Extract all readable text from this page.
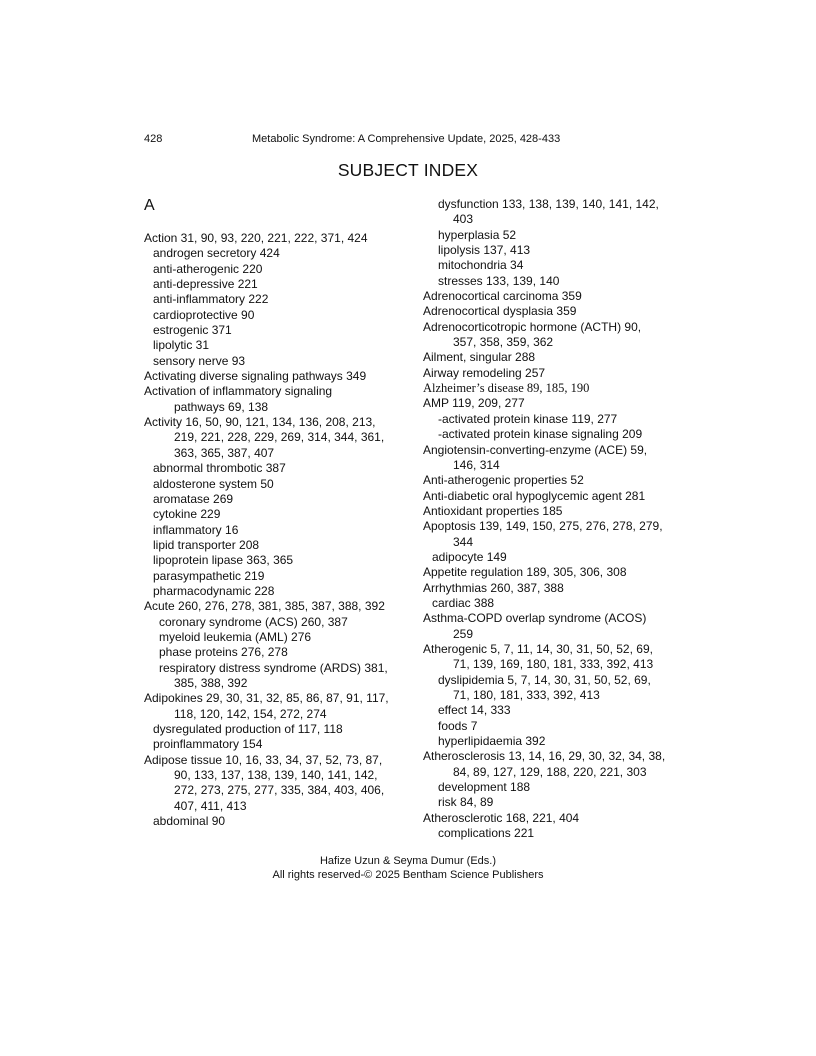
428	Metabolic Syndrome: A Comprehensive Update, 2025, 428-433
SUBJECT INDEX
A
Action 31, 90, 93, 220, 221, 222, 371, 424
androgen secretory 424
anti-atherogenic 220
anti-depressive 221
anti-inflammatory 222
cardioprotective 90
estrogenic 371
lipolytic 31
sensory nerve 93
Activating diverse signaling pathways 349
Activation of inflammatory signaling
pathways 69, 138
Activity 16, 50, 90, 121, 134, 136, 208, 213,
219, 221, 228, 229, 269, 314, 344, 361,
363, 365, 387, 407
abnormal thrombotic 387
aldosterone system 50
aromatase 269
cytokine 229
inflammatory 16
lipid transporter 208
lipoprotein lipase 363, 365
parasympathetic 219
pharmacodynamic 228
Acute 260, 276, 278, 381, 385, 387, 388, 392
coronary syndrome (ACS) 260, 387
myeloid leukemia (AML) 276
phase proteins 276, 278
respiratory distress syndrome (ARDS) 381,
385, 388, 392
Adipokines 29, 30, 31, 32, 85, 86, 87, 91, 117,
118, 120, 142, 154, 272, 274
dysregulated production of 117, 118
proinflammatory 154
Adipose tissue 10, 16, 33, 34, 37, 52, 73, 87,
90, 133, 137, 138, 139, 140, 141, 142,
272, 273, 275, 277, 335, 384, 403, 406,
407, 411, 413
abdominal 90
dysfunction 133, 138, 139, 140, 141, 142,
403
hyperplasia 52
lipolysis 137, 413
mitochondria 34
stresses 133, 139, 140
Adrenocortical carcinoma 359
Adrenocortical dysplasia 359
Adrenocorticotropic hormone (ACTH) 90,
357, 358, 359, 362
Ailment, singular 288
Airway remodeling 257
Alzheimer’s disease 89, 185, 190
AMP 119, 209, 277
-activated protein kinase 119, 277
-activated protein kinase signaling 209
Angiotensin-converting-enzyme (ACE) 59,
146, 314
Anti-atherogenic properties 52
Anti-diabetic oral hypoglycemic agent 281
Antioxidant properties 185
Apoptosis 139, 149, 150, 275, 276, 278, 279,
344
adipocyte 149
Appetite regulation 189, 305, 306, 308
Arrhythmias 260, 387, 388
cardiac 388
Asthma-COPD overlap syndrome (ACOS)
259
Atherogenic 5, 7, 11, 14, 30, 31, 50, 52, 69,
71, 139, 169, 180, 181, 333, 392, 413
dyslipidemia 5, 7, 14, 30, 31, 50, 52, 69,
71, 180, 181, 333, 392, 413
effect 14, 333
foods 7
hyperlipidaemia 392
Atherosclerosis 13, 14, 16, 29, 30, 32, 34, 38,
84, 89, 127, 129, 188, 220, 221, 303
development 188
risk 84, 89
Atherosclerotic 168, 221, 404
complications 221
Hafize Uzun & Seyma Dumur (Eds.)
All rights reserved-© 2025 Bentham Science Publishers
